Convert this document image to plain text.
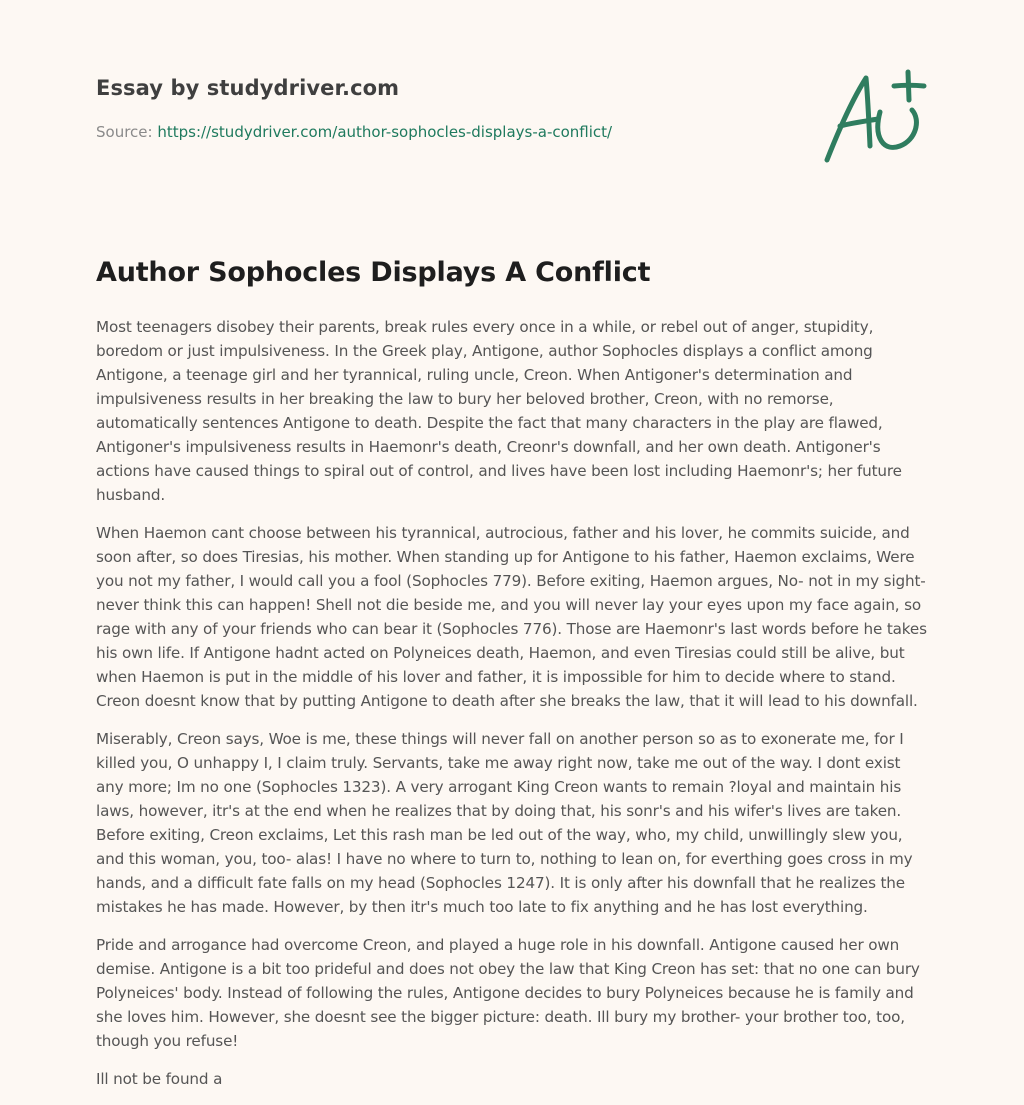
Essay by studydriver.com

Source: https://studydriver.com/author-sophocles-displays-a-conflict/

Author Sophocles Displays A Conflict

Most teenagers disobey their parents, break rules every once in a while, or rebel out of anger, stupidity, boredom or just impulsiveness. In the Greek play, Antigone, author Sophocles displays a conflict among Antigone, a teenage girl and her tyrannical, ruling uncle, Creon. When Antigoner's determination and impulsiveness results in her breaking the law to bury her beloved brother, Creon, with no remorse, automatically sentences Antigone to death. Despite the fact that many characters in the play are flawed, Antigoner's impulsiveness results in Haemonr's death, Creonr's downfall, and her own death. Antigoner's actions have caused things to spiral out of control, and lives have been lost including Haemonr's; her future husband.

When Haemon cant choose between his tyrannical, autrocious, father and his lover, he commits suicide, and soon after, so does Tiresias, his mother. When standing up for Antigone to his father, Haemon exclaims, Were you not my father, I would call you a fool (Sophocles 779). Before exiting, Haemon argues, No- not in my sight- never think this can happen! Shell not die beside me, and you will never lay your eyes upon my face again, so rage with any of your friends who can bear it (Sophocles 776). Those are Haemonr's last words before he takes his own life. If Antigone hadnt acted on Polyneices death, Haemon, and even Tiresias could still be alive, but when Haemon is put in the middle of his lover and father, it is impossible for him to decide where to stand. Creon doesnt know that by putting Antigone to death after she breaks the law, that it will lead to his downfall.

Miserably, Creon says, Woe is me, these things will never fall on another person so as to exonerate me, for I killed you, O unhappy I, I claim truly. Servants, take me away right now, take me out of the way. I dont exist any more; Im no one (Sophocles 1323). A very arrogant King Creon wants to remain ?loyal and maintain his laws, however, itr's at the end when he realizes that by doing that, his sonr's and his wifer's lives are taken. Before exiting, Creon exclaims, Let this rash man be led out of the way, who, my child, unwillingly slew you, and this woman, you, too- alas! I have no where to turn to, nothing to lean on, for everthing goes cross in my hands, and a difficult fate falls on my head (Sophocles 1247). It is only after his downfall that he realizes the mistakes he has made. However, by then itr's much too late to fix anything and he has lost everything.

Pride and arrogance had overcome Creon, and played a huge role in his downfall. Antigone caused her own demise. Antigone is a bit too prideful and does not obey the law that King Creon has set: that no one can bury Polyneices' body. Instead of following the rules, Antigone decides to bury Polyneices because he is family and she loves him. However, she doesnt see the bigger picture: death. Ill bury my brother- your brother too, too, though you refuse!

Ill not be found a
